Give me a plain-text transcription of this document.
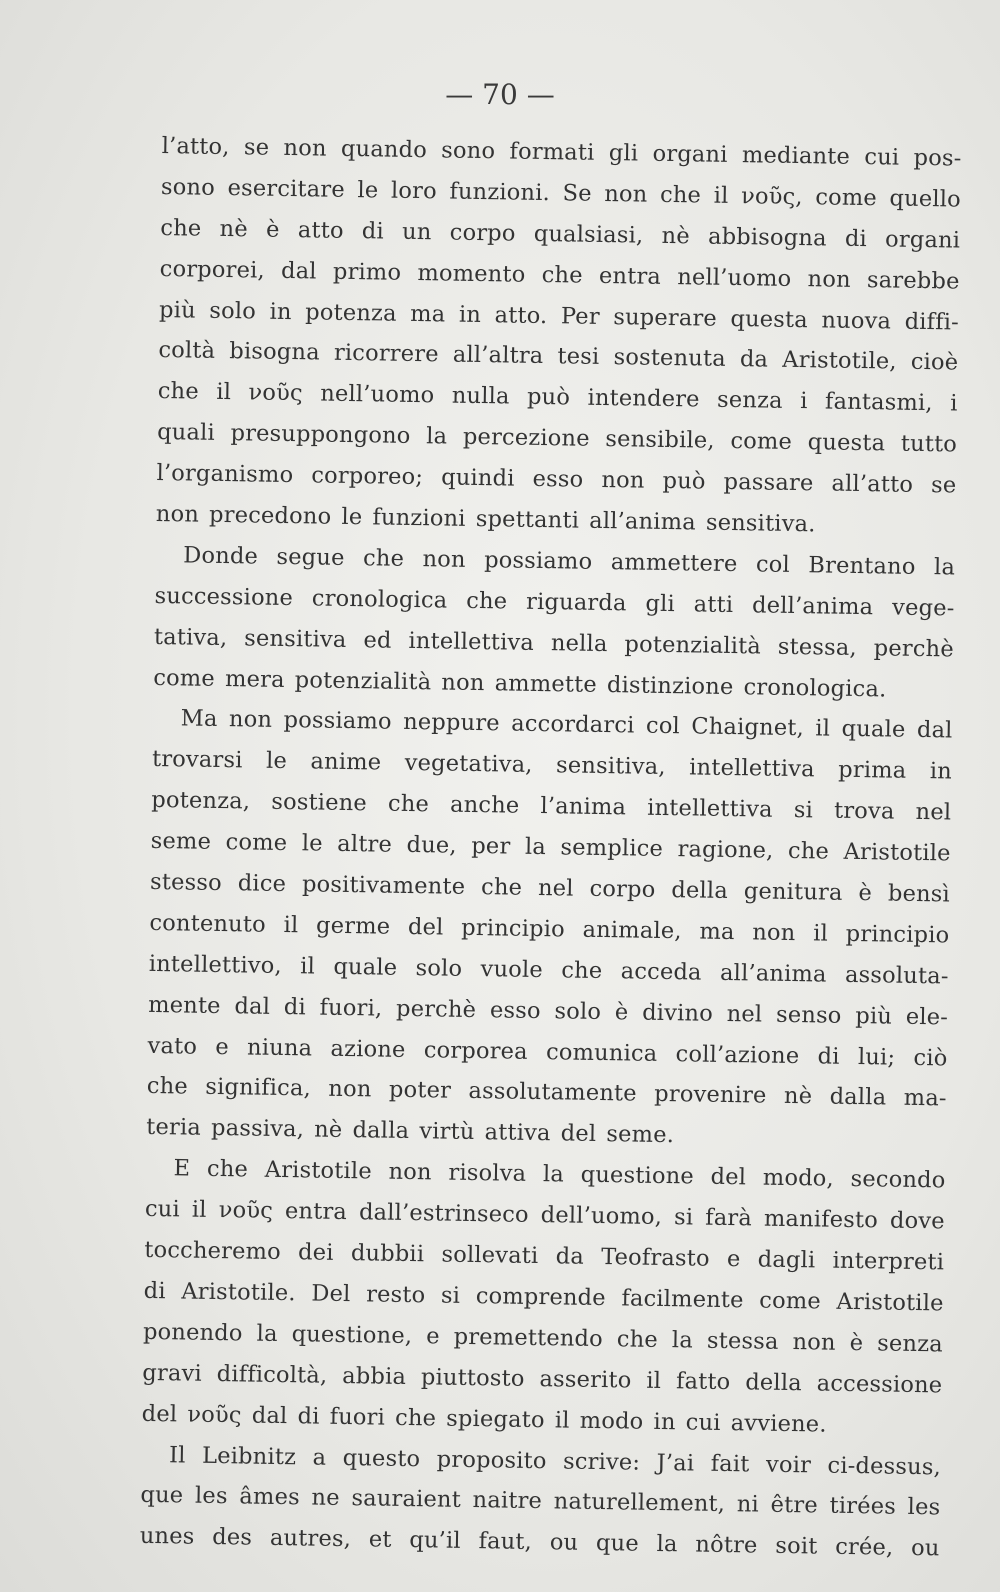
— 70 —
l’atto, se non quando sono formati gli organi mediante cui pos-
sono esercitare le loro funzioni. Se non che il νοῦς, come quello
che nè è atto di un corpo qualsiasi, nè abbisogna di organi
corporei, dal primo momento che entra nell’uomo non sarebbe
più solo in potenza ma in atto. Per superare questa nuova diffi-
coltà bisogna ricorrere all’altra tesi sostenuta da Aristotile, cioè
che il νοῦς nell’uomo nulla può intendere senza i fantasmi, i
quali presuppongono la percezione sensibile, come questa tutto
l’organismo corporeo; quindi esso non può passare all’atto se
non precedono le funzioni spettanti all’anima sensitiva.
Donde segue che non possiamo ammettere col Brentano la
successione cronologica che riguarda gli atti dell’anima vege-
tativa, sensitiva ed intellettiva nella potenzialità stessa, perchè
come mera potenzialità non ammette distinzione cronologica.
Ma non possiamo neppure accordarci col Chaignet, il quale dal
trovarsi le anime vegetativa, sensitiva, intellettiva prima in
potenza, sostiene che anche l’anima intellettiva si trova nel
seme come le altre due, per la semplice ragione, che Aristotile
stesso dice positivamente che nel corpo della genitura è bensì
contenuto il germe del principio animale, ma non il principio
intellettivo, il quale solo vuole che acceda all’anima assoluta-
mente dal di fuori, perchè esso solo è divino nel senso più ele-
vato e niuna azione corporea comunica coll’azione di lui; ciò
che significa, non poter assolutamente provenire nè dalla ma-
teria passiva, nè dalla virtù attiva del seme.
E che Aristotile non risolva la questione del modo, secondo
cui il νοῦς entra dall’estrinseco dell’uomo, si farà manifesto dove
toccheremo dei dubbii sollevati da Teofrasto e dagli interpreti
di Aristotile. Del resto si comprende facilmente come Aristotile
ponendo la questione, e premettendo che la stessa non è senza
gravi difficoltà, abbia piuttosto asserito il fatto della accessione
del νοῦς dal di fuori che spiegato il modo in cui avviene.
Il Leibnitz a questo proposito scrive: J’ai fait voir ci-dessus,
que les âmes ne sauraient naitre naturellement, ni être tirées les
unes des autres, et qu’il faut, ou que la nôtre soit crée, ou
